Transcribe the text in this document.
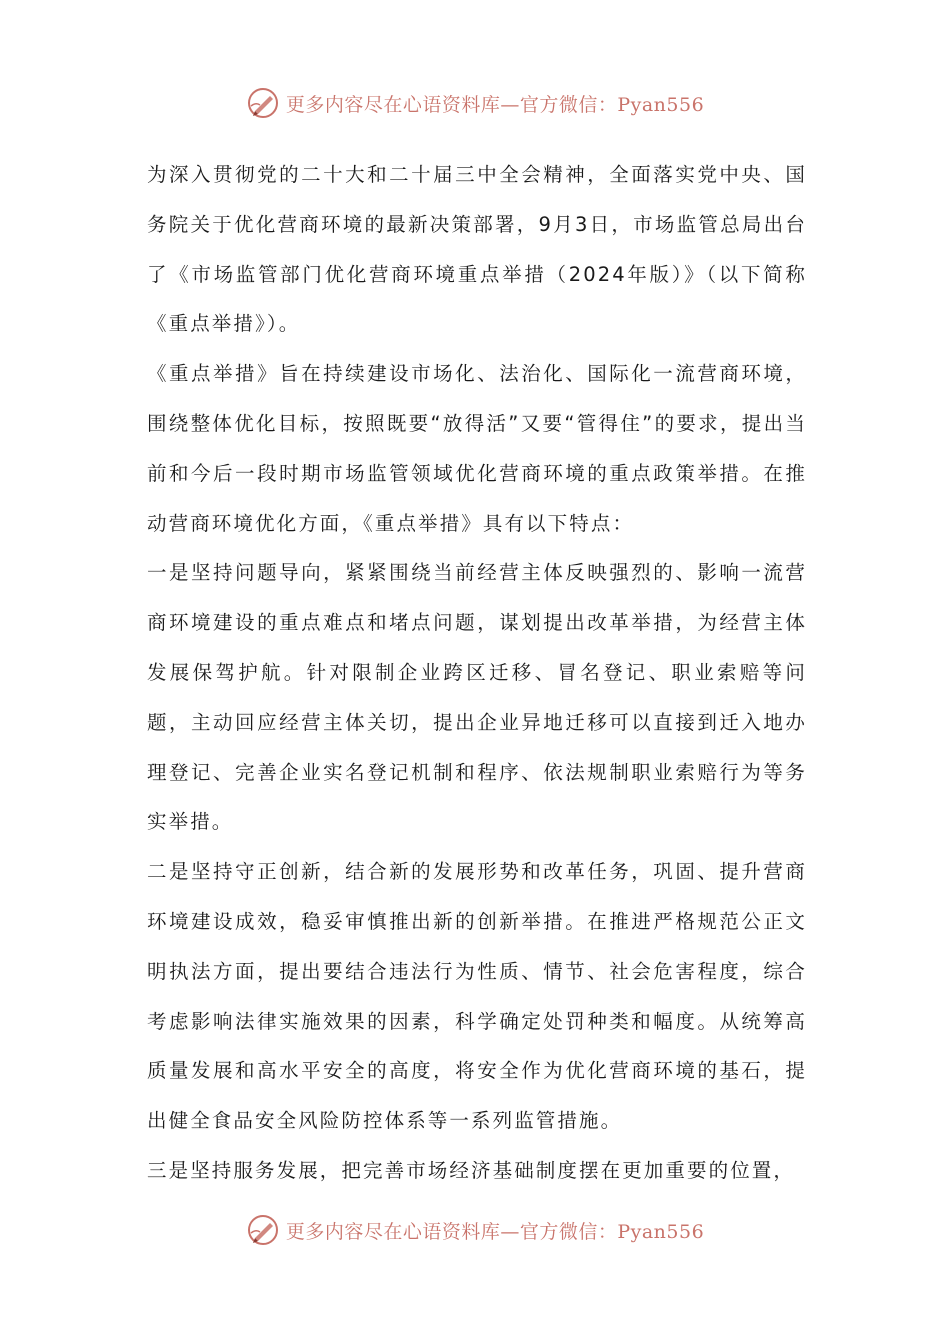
更多内容尽在心语资料库—官方微信：Pyan556

为深入贯彻党的二十大和二十届三中全会精神，全面落实党中央、国务院关于优化营商环境的最新决策部署，9月3日，市场监管总局出台了《市场监管部门优化营商环境重点举措（2024年版）》（以下简称《重点举措》）。

《重点举措》旨在持续建设市场化、法治化、国际化一流营商环境，围绕整体优化目标，按照既要“放得活”又要“管得住”的要求，提出当前和今后一段时期市场监管领域优化营商环境的重点政策举措。在推动营商环境优化方面，《重点举措》具有以下特点：

一是坚持问题导向，紧紧围绕当前经营主体反映强烈的、影响一流营商环境建设的重点难点和堵点问题，谋划提出改革举措，为经营主体发展保驾护航。针对限制企业跨区迁移、冒名登记、职业索赔等问题，主动回应经营主体关切，提出企业异地迁移可以直接到迁入地办理登记、完善企业实名登记机制和程序、依法规制职业索赔行为等务实举措。

二是坚持守正创新，结合新的发展形势和改革任务，巩固、提升营商环境建设成效，稳妥审慎推出新的创新举措。在推进严格规范公正文明执法方面，提出要结合违法行为性质、情节、社会危害程度，综合考虑影响法律实施效果的因素，科学确定处罚种类和幅度。从统筹高质量发展和高水平安全的高度，将安全作为优化营商环境的基石，提出健全食品安全风险防控体系等一系列监管措施。

三是坚持服务发展，把完善市场经济基础制度摆在更加重要的位置，

更多内容尽在心语资料库—官方微信：Pyan556
